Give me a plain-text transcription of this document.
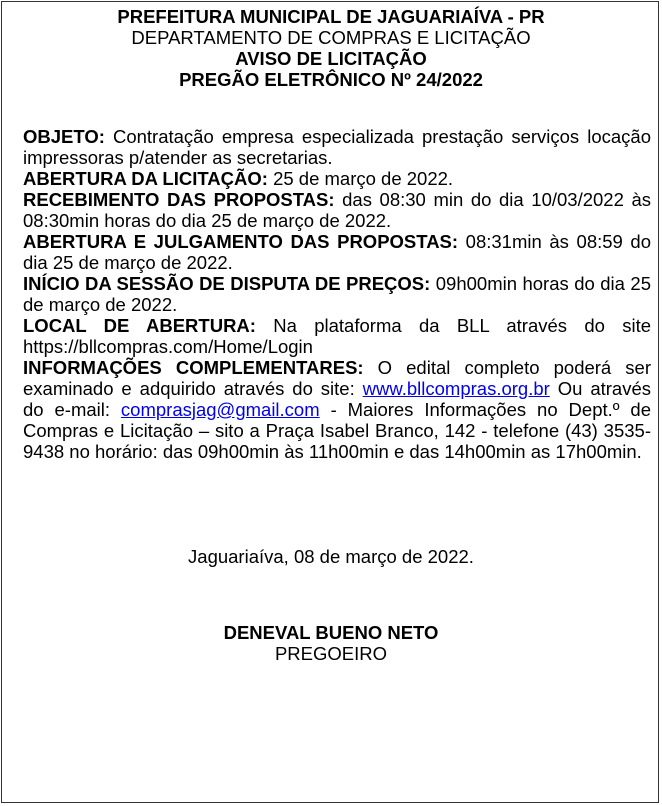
PREFEITURA MUNICIPAL DE JAGUARIAÍVA - PR
DEPARTAMENTO DE COMPRAS E LICITAÇÃO
AVISO DE LICITAÇÃO
PREGÃO ELETRÔNICO Nº 24/2022

OBJETO: Contratação empresa especializada prestação serviços locação impressoras p/atender as secretarias.

ABERTURA DA LICITAÇÃO: 25 de março de 2022.

RECEBIMENTO DAS PROPOSTAS: das 08:30 min do dia 10/03/2022 às 08:30min horas do dia 25 de março de 2022.

ABERTURA E JULGAMENTO DAS PROPOSTAS: 08:31min às 08:59 do dia 25 de março de 2022.

INÍCIO DA SESSÃO DE DISPUTA DE PREÇOS: 09h00min horas do dia 25 de março de 2022.

LOCAL DE ABERTURA: Na plataforma da BLL através do site https://bllcompras.com/Home/Login

INFORMAÇÕES COMPLEMENTARES: O edital completo poderá ser examinado e adquirido através do site: www.bllcompras.org.br Ou através do e-mail: comprasjag@gmail.com - Maiores Informações no Dept.º de Compras e Licitação – sito a Praça Isabel Branco, 142 - telefone (43) 3535-9438 no horário: das 09h00min às 11h00min e das 14h00min as 17h00min.

Jaguariaíva, 08 de março de 2022.
DENEVAL BUENO NETO
PREGOEIRO
